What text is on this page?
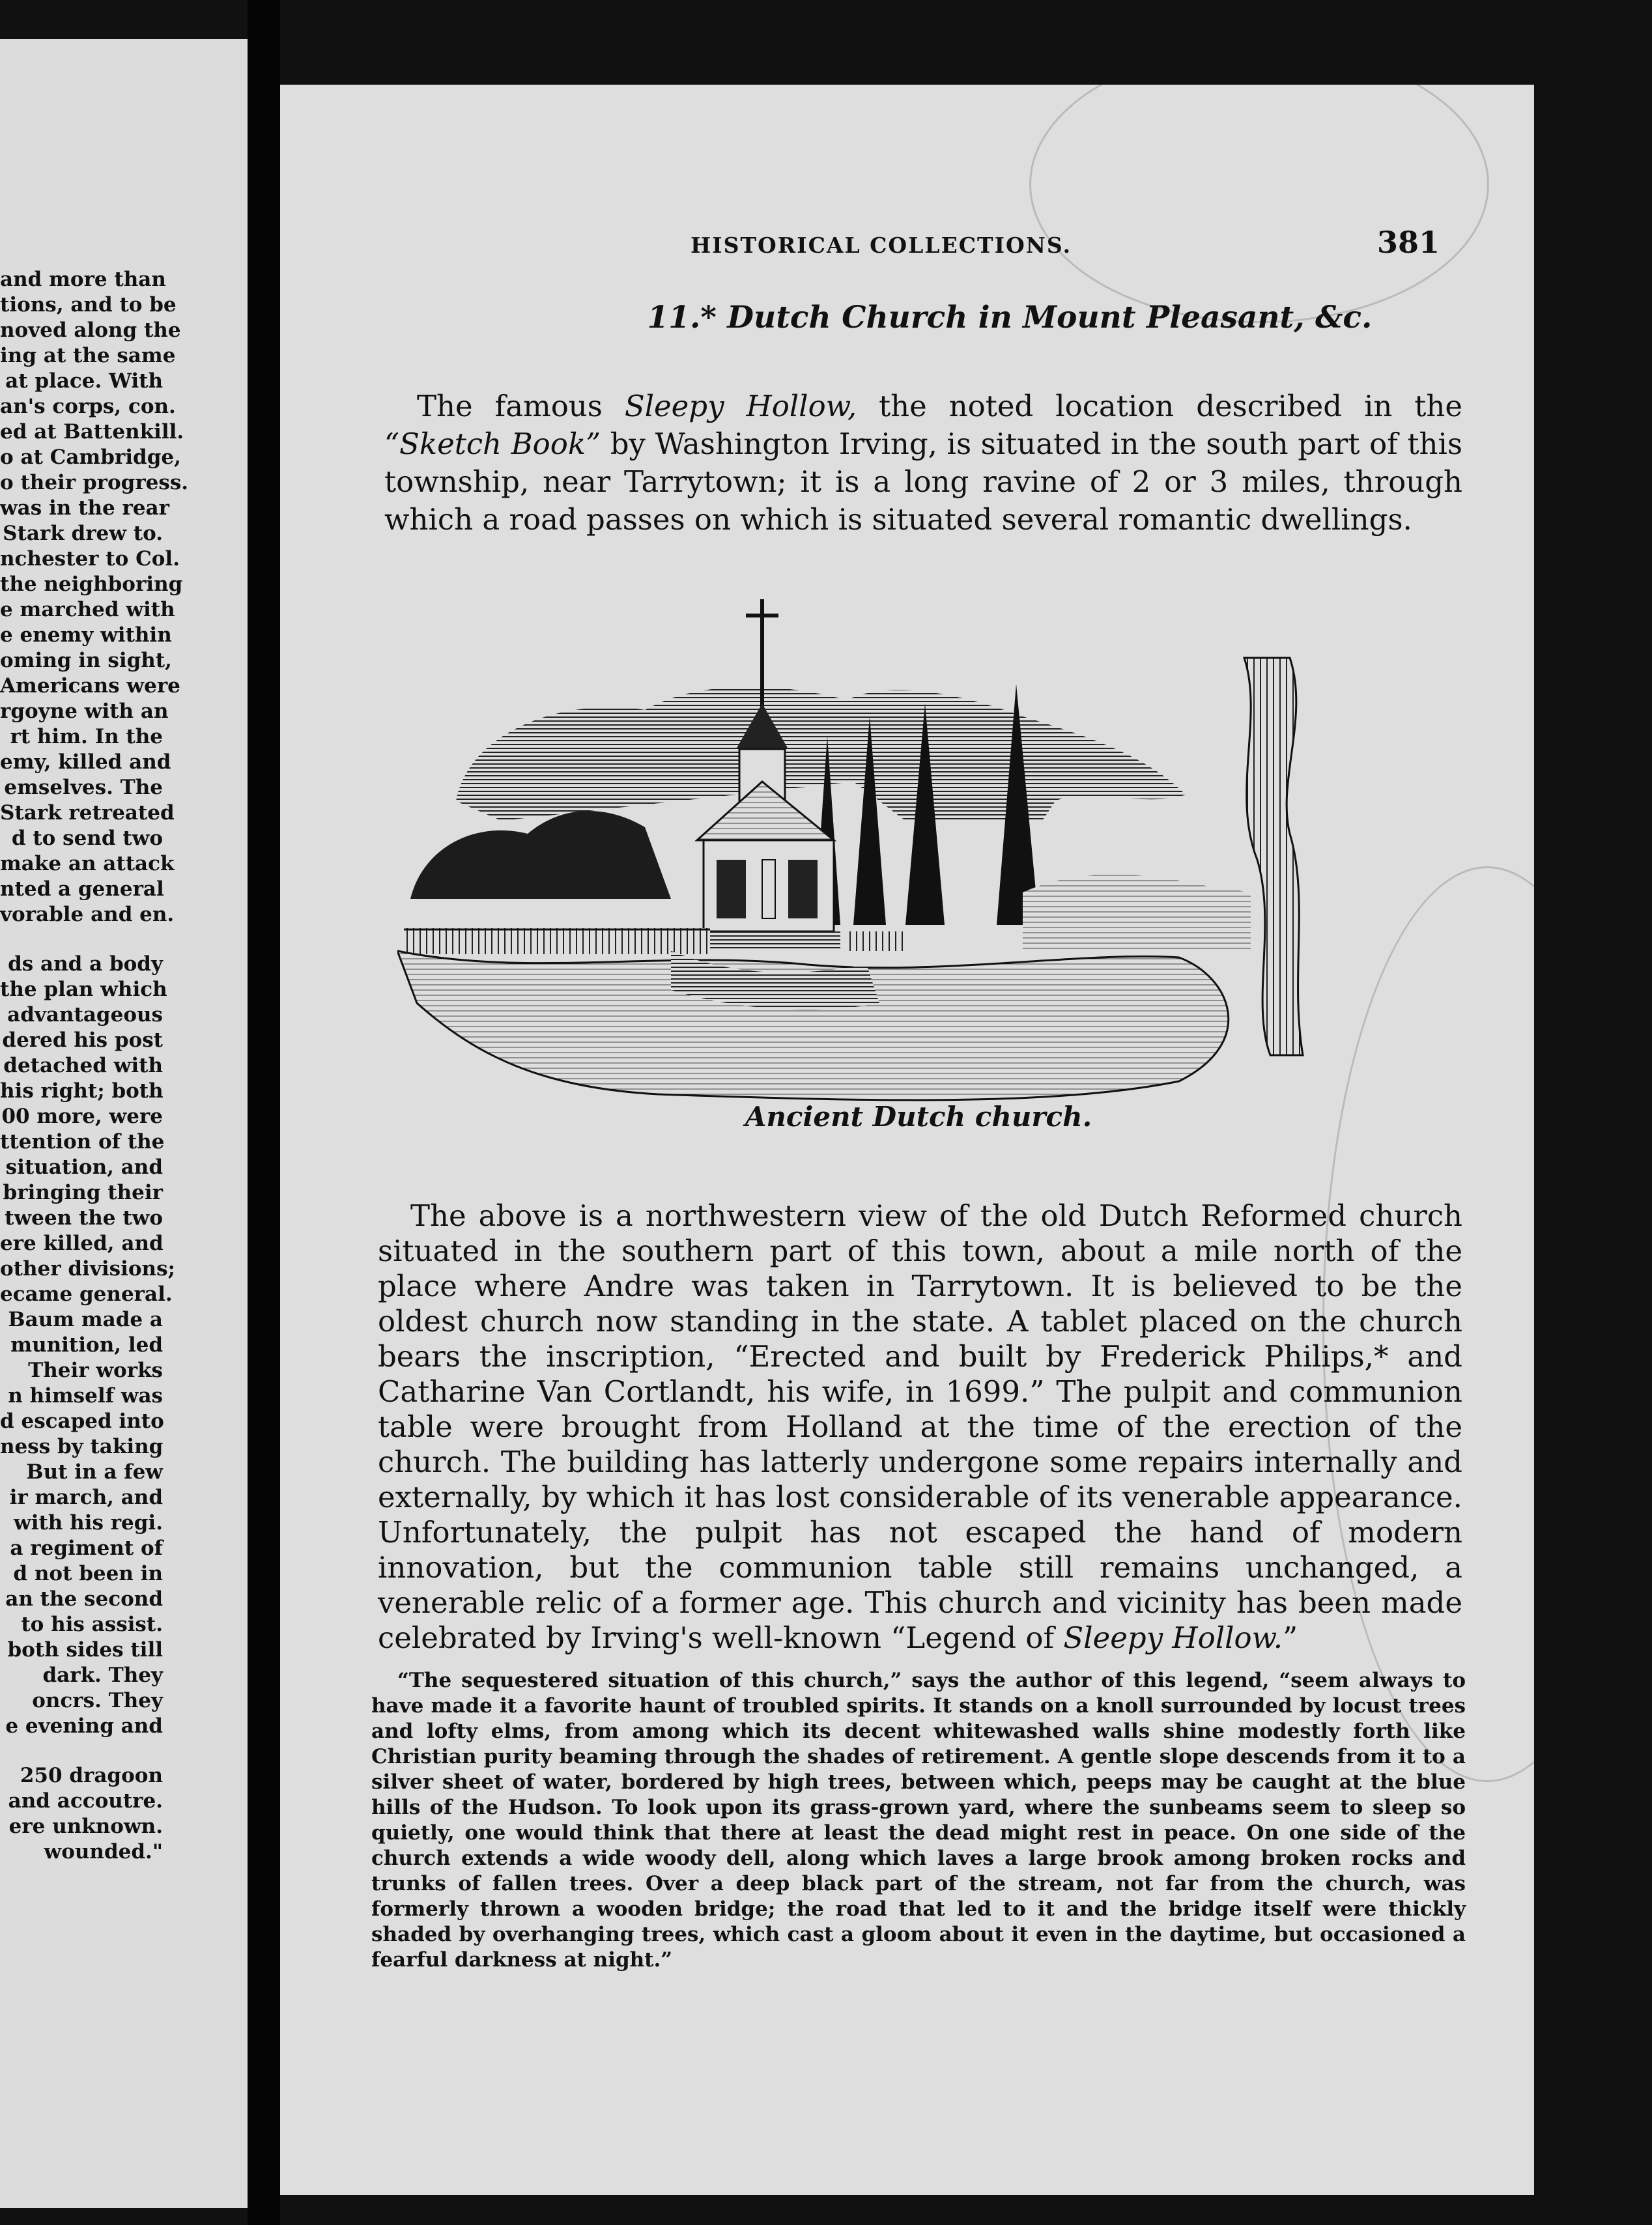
and more than
tions, and to be
noved along the
ing at the same
at place. With
an's corps, con.
ed at Battenkill.
o at Cambridge,
o their progress.
was in the rear
Stark drew to.
nchester to Col.
the neighboring
e marched with
e enemy within
oming in sight,
Americans were
rgoyne with an
rt him. In the
emy, killed and
emselves. The
Stark retreated
d to send two
make an attack
nted a general
vorable and en.
ds and a body
the plan which
advantageous
dered his post
detached with
his right; both
00 more, were
ttention of the
situation, and
bringing their
tween the two
ere killed, and
other divisions;
ecame general.
Baum made a
munition, led
Their works
n himself was
d escaped into
ness by taking
But in a few
ir march, and
with his regi.
a regiment of
d not been in
an the second
to his assist.
both sides till
dark. They
oncrs. They
e evening and
250 dragoon
and accoutre.
ere unknown.
wounded."
HISTORICAL COLLECTIONS.	381
11.* Dutch Church in Mount Pleasant, &c.

The famous Sleepy Hollow, the noted location described in the “Sketch Book” by Washington Irving, is situated in the south part of this township, near Tarrytown; it is a long ravine of 2 or 3 miles, through which a road passes on which is situated several romantic dwellings.

Ancient Dutch church.

The above is a northwestern view of the old Dutch Reformed church situated in the southern part of this town, about a mile north of the place where Andre was taken in Tarrytown. It is believed to be the oldest church now standing in the state. A tablet placed on the church bears the inscription, “Erected and built by Frederick Philips,* and Catharine Van Cortlandt, his wife, in 1699.” The pulpit and communion table were brought from Holland at the time of the erection of the church. The building has latterly undergone some repairs internally and externally, by which it has lost considerable of its venerable appearance. Unfortunately, the pulpit has not escaped the hand of modern innovation, but the communion table still remains unchanged, a venerable relic of a former age. This church and vicinity has been made celebrated by Irving's well-known “Legend of Sleepy Hollow.”

“The sequestered situation of this church,” says the author of this legend, “seem always to have made it a favorite haunt of troubled spirits. It stands on a knoll surrounded by locust trees and lofty elms, from among which its decent whitewashed walls shine modestly forth like Christian purity beaming through the shades of retirement. A gentle slope descends from it to a silver sheet of water, bordered by high trees, between which, peeps may be caught at the blue hills of the Hudson. To look upon its grass-grown yard, where the sunbeams seem to sleep so quietly, one would think that there at least the dead might rest in peace. On one side of the church extends a wide woody dell, along which laves a large brook among broken rocks and trunks of fallen trees. Over a deep black part of the stream, not far from the church, was formerly thrown a wooden bridge; the road that led to it and the bridge itself were thickly shaded by overhanging trees, which cast a gloom about it even in the daytime, but occasioned a fearful darkness at night.”
